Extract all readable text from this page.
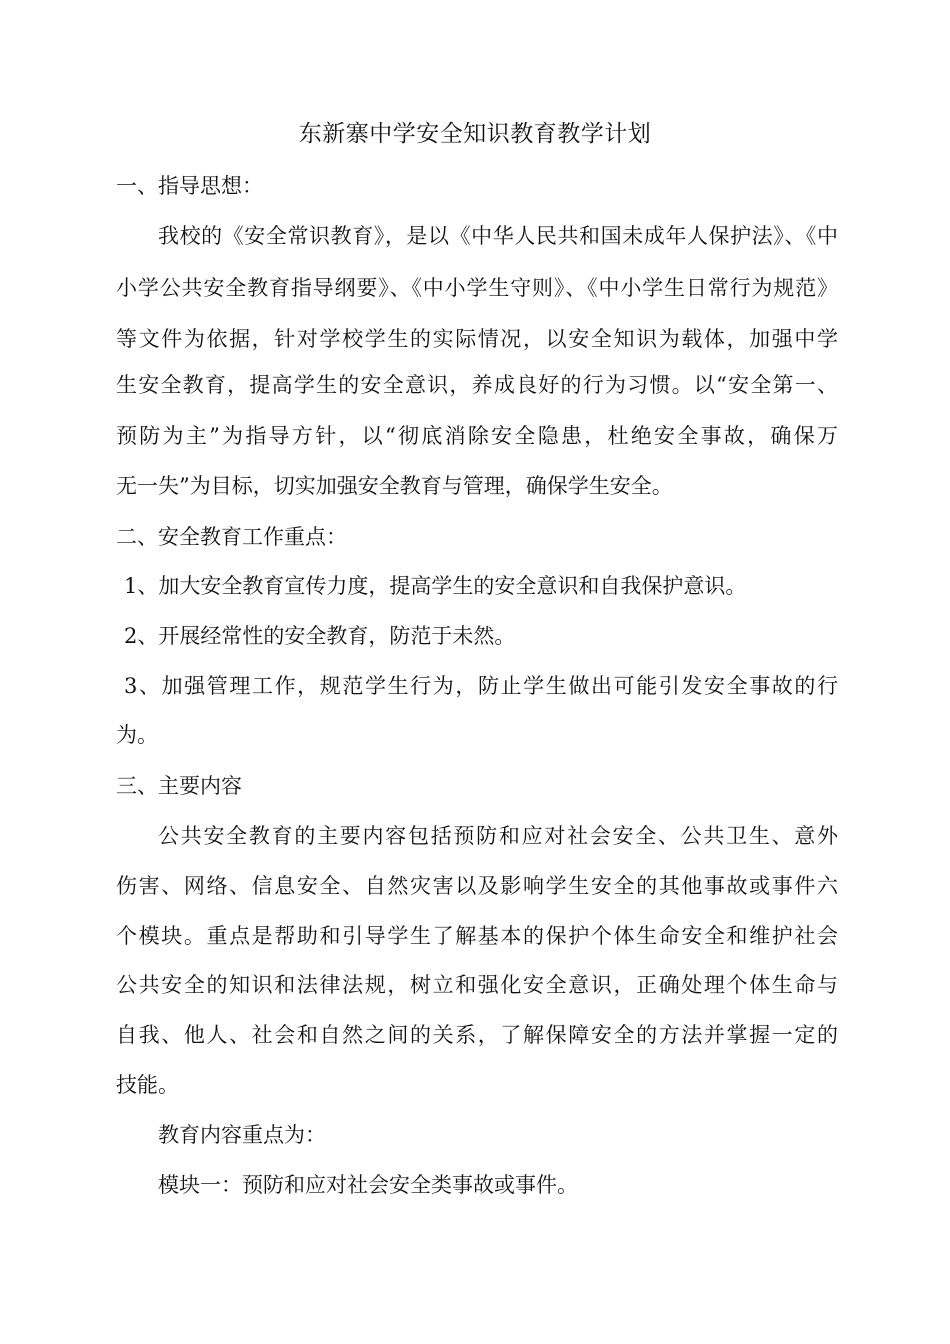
东新寨中学安全知识教育教学计划
一、指导思想：
我校的《安全常识教育》，是以《中华人民共和国未成年人保护法》、《中
小学公共安全教育指导纲要》、《中小学生守则》、《中小学生日常行为规范》
等文件为依据，针对学校学生的实际情况，以安全知识为载体，加强中学
生安全教育，提高学生的安全意识，养成良好的行为习惯。以“安全第一、
预防为主”为指导方针，以“彻底消除安全隐患，杜绝安全事故，确保万
无一失”为目标，切实加强安全教育与管理，确保学生安全。
二、安全教育工作重点：
1、加大安全教育宣传力度，提高学生的安全意识和自我保护意识。
2、开展经常性的安全教育，防范于未然。
3、加强管理工作，规范学生行为，防止学生做出可能引发安全事故的行
为。
三、主要内容
公共安全教育的主要内容包括预防和应对社会安全、公共卫生、意外
伤害、网络、信息安全、自然灾害以及影响学生安全的其他事故或事件六
个模块。重点是帮助和引导学生了解基本的保护个体生命安全和维护社会
公共安全的知识和法律法规，树立和强化安全意识，正确处理个体生命与
自我、他人、社会和自然之间的关系，了解保障安全的方法并掌握一定的
技能。
教育内容重点为：
模块一：预防和应对社会安全类事故或事件。
